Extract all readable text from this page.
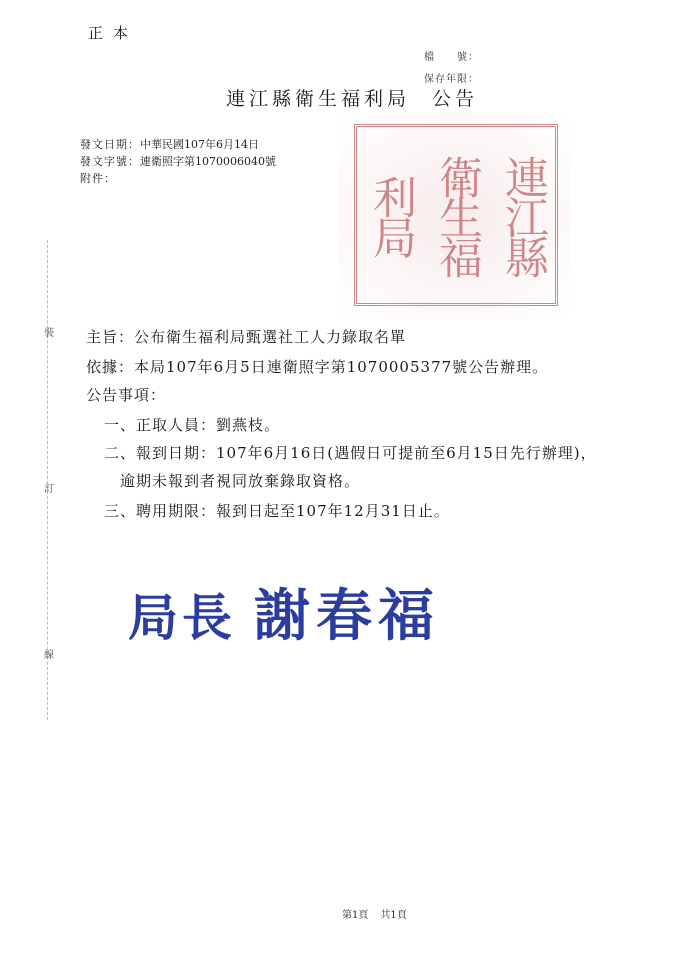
正本
檔　　號：
保存年限：
連江縣
衛生福
利局
連江縣衛生福利局 公告
發文日期：中華民國107年6月14日
發文字號：連衛照字第1070006040號
附件：
裝
訂
線
主旨：公布衛生福利局甄選社工人力錄取名單
依據：本局107年6月5日連衛照字第1070005377號公告辦理。
公告事項：
一、正取人員：劉燕枝。
二、報到日期：107年6月16日(遇假日可提前至6月15日先行辦理)，
逾期未報到者視同放棄錄取資格。
三、聘用期限：報到日起至107年12月31日止。
局長 謝春福
第1頁 共1頁
